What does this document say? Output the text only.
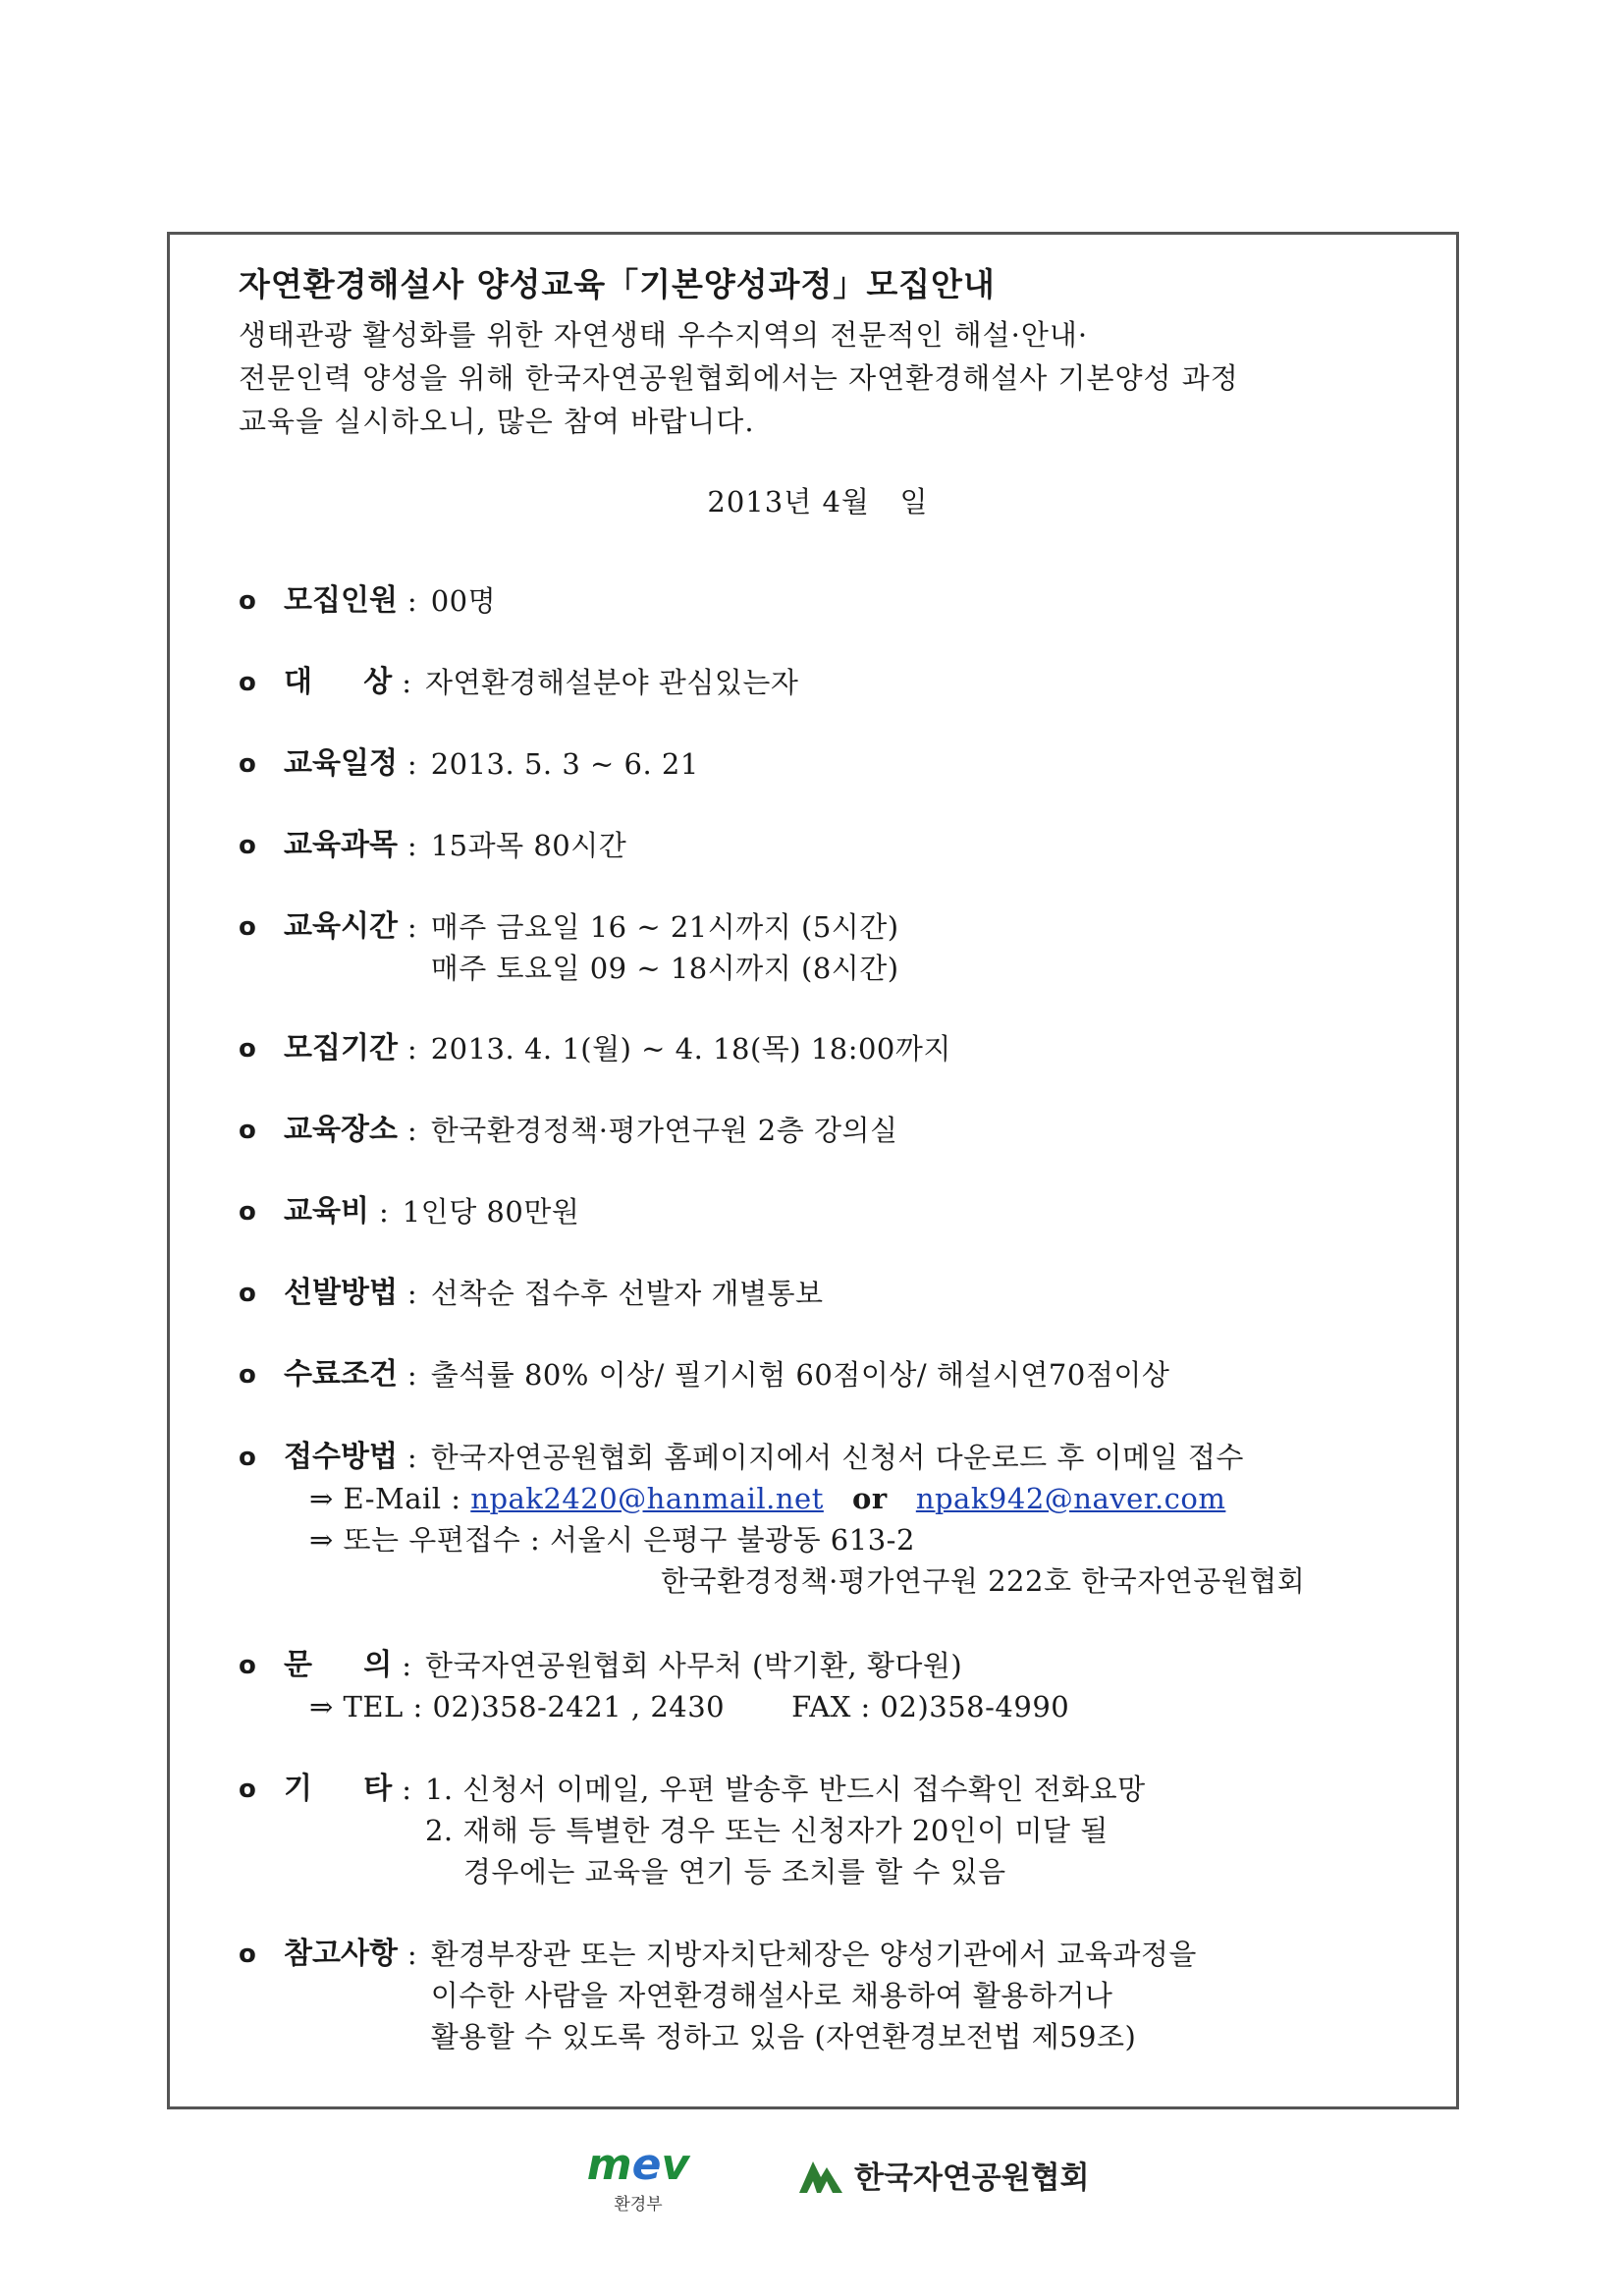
자연환경해설사 양성교육「기본양성과정」모집안내

생태관광 활성화를 위한 자연생태 우수지역의 전문적인 해설·안내·
전문인력 양성을 위해 한국자연공원협회에서는 자연환경해설사 기본양성 과정
교육을 실시하오니, 많은 참여 바랍니다.

2013년 4월   일

o 모집인원 : 00명
o 대     상 : 자연환경해설분야 관심있는자
o 교육일정 : 2013. 5. 3 ~ 6. 21
o 교육과목 : 15과목 80시간
o 교육시간 : 매주 금요일 16 ~ 21시까지 (5시간)
매주 토요일 09 ~ 18시까지 (8시간)
o 모집기간 : 2013. 4. 1(월) ~ 4. 18(목) 18:00까지
o 교육장소 : 한국환경정책·평가연구원 2층 강의실
o 교육비 : 1인당 80만원
o 선발방법 : 선착순 접수후 선발자 개별통보
o 수료조건 : 출석률 80% 이상/ 필기시험 60점이상/ 해설시연70점이상
o 접수방법 : 한국자연공원협회 홈페이지에서 신청서 다운로드 후 이메일 접수
⇒ E-Mail : npak2420@hanmail.net or npak942@naver.com
⇒ 또는 우편접수 : 서울시 은평구 불광동 613-2
한국환경정책·평가연구원 222호 한국자연공원협회
o 문     의 : 한국자연공원협회 사무처 (박기환, 황다원)
⇒ TEL : 02)358-2421 , 2430       FAX : 02)358-4990
o 기     타 : 1. 신청서 이메일, 우편 발송후 반드시 접수확인 전화요망
2. 재해 등 특별한 경우 또는 신청자가 20인이 미달 될
경우에는 교육을 연기 등 조치를 할 수 있음
o 참고사항 : 환경부장관 또는 지방자치단체장은 양성기관에서 교육과정을
이수한 사람을 자연환경해설사로 채용하여 활용하거나
활용할 수 있도록 정하고 있음 (자연환경보전법 제59조)
mev
환경부
한국자연공원협회
